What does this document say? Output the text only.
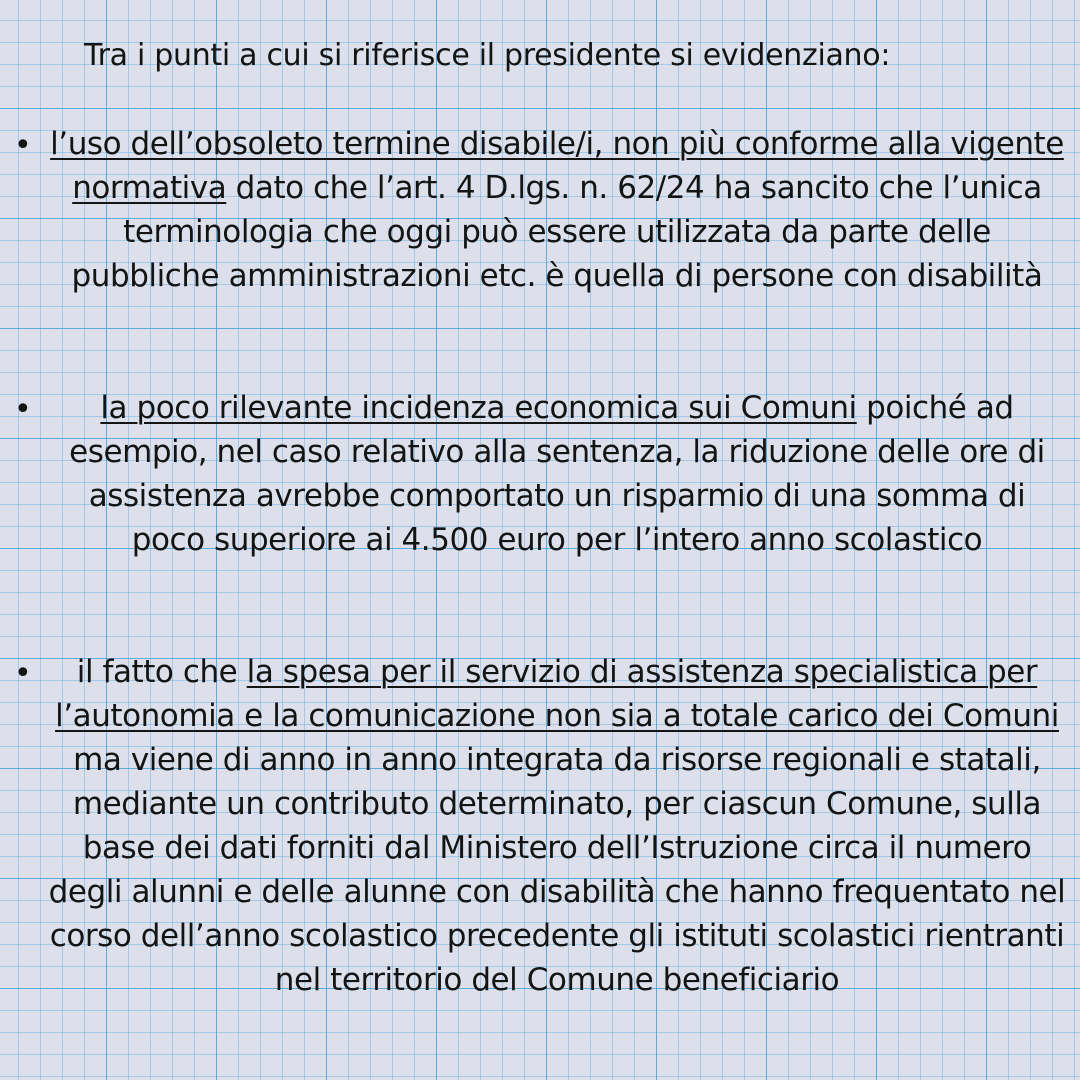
Tra i punti a cui si riferisce il presidente si evidenziano:
• l’uso dell’obsoleto termine disabile/i, non più conforme alla vigente normativa dato che l’art. 4 D.lgs. n. 62/24 ha sancito che l’unica terminologia che oggi può essere utilizzata da parte delle pubbliche amministrazioni etc. è quella di persone con disabilità
•	la poco rilevante incidenza economica sui Comuni poiché ad esempio, nel caso relativo alla sentenza, la riduzione delle ore di assistenza avrebbe comportato un risparmio di una somma di poco superiore ai 4.500 euro per l’intero anno scolastico
•	il fatto che la spesa per il servizio di assistenza specialistica per l’autonomia e la comunicazione non sia a totale carico dei Comuni ma viene di anno in anno integrata da risorse regionali e statali, mediante un contributo determinato, per ciascun Comune, sulla base dei dati forniti dal Ministero dell’Istruzione circa il numero degli alunni e delle alunne con disabilità che hanno frequentato nel corso dell’anno scolastico precedente gli istituti scolastici rientranti nel territorio del Comune beneficiario
